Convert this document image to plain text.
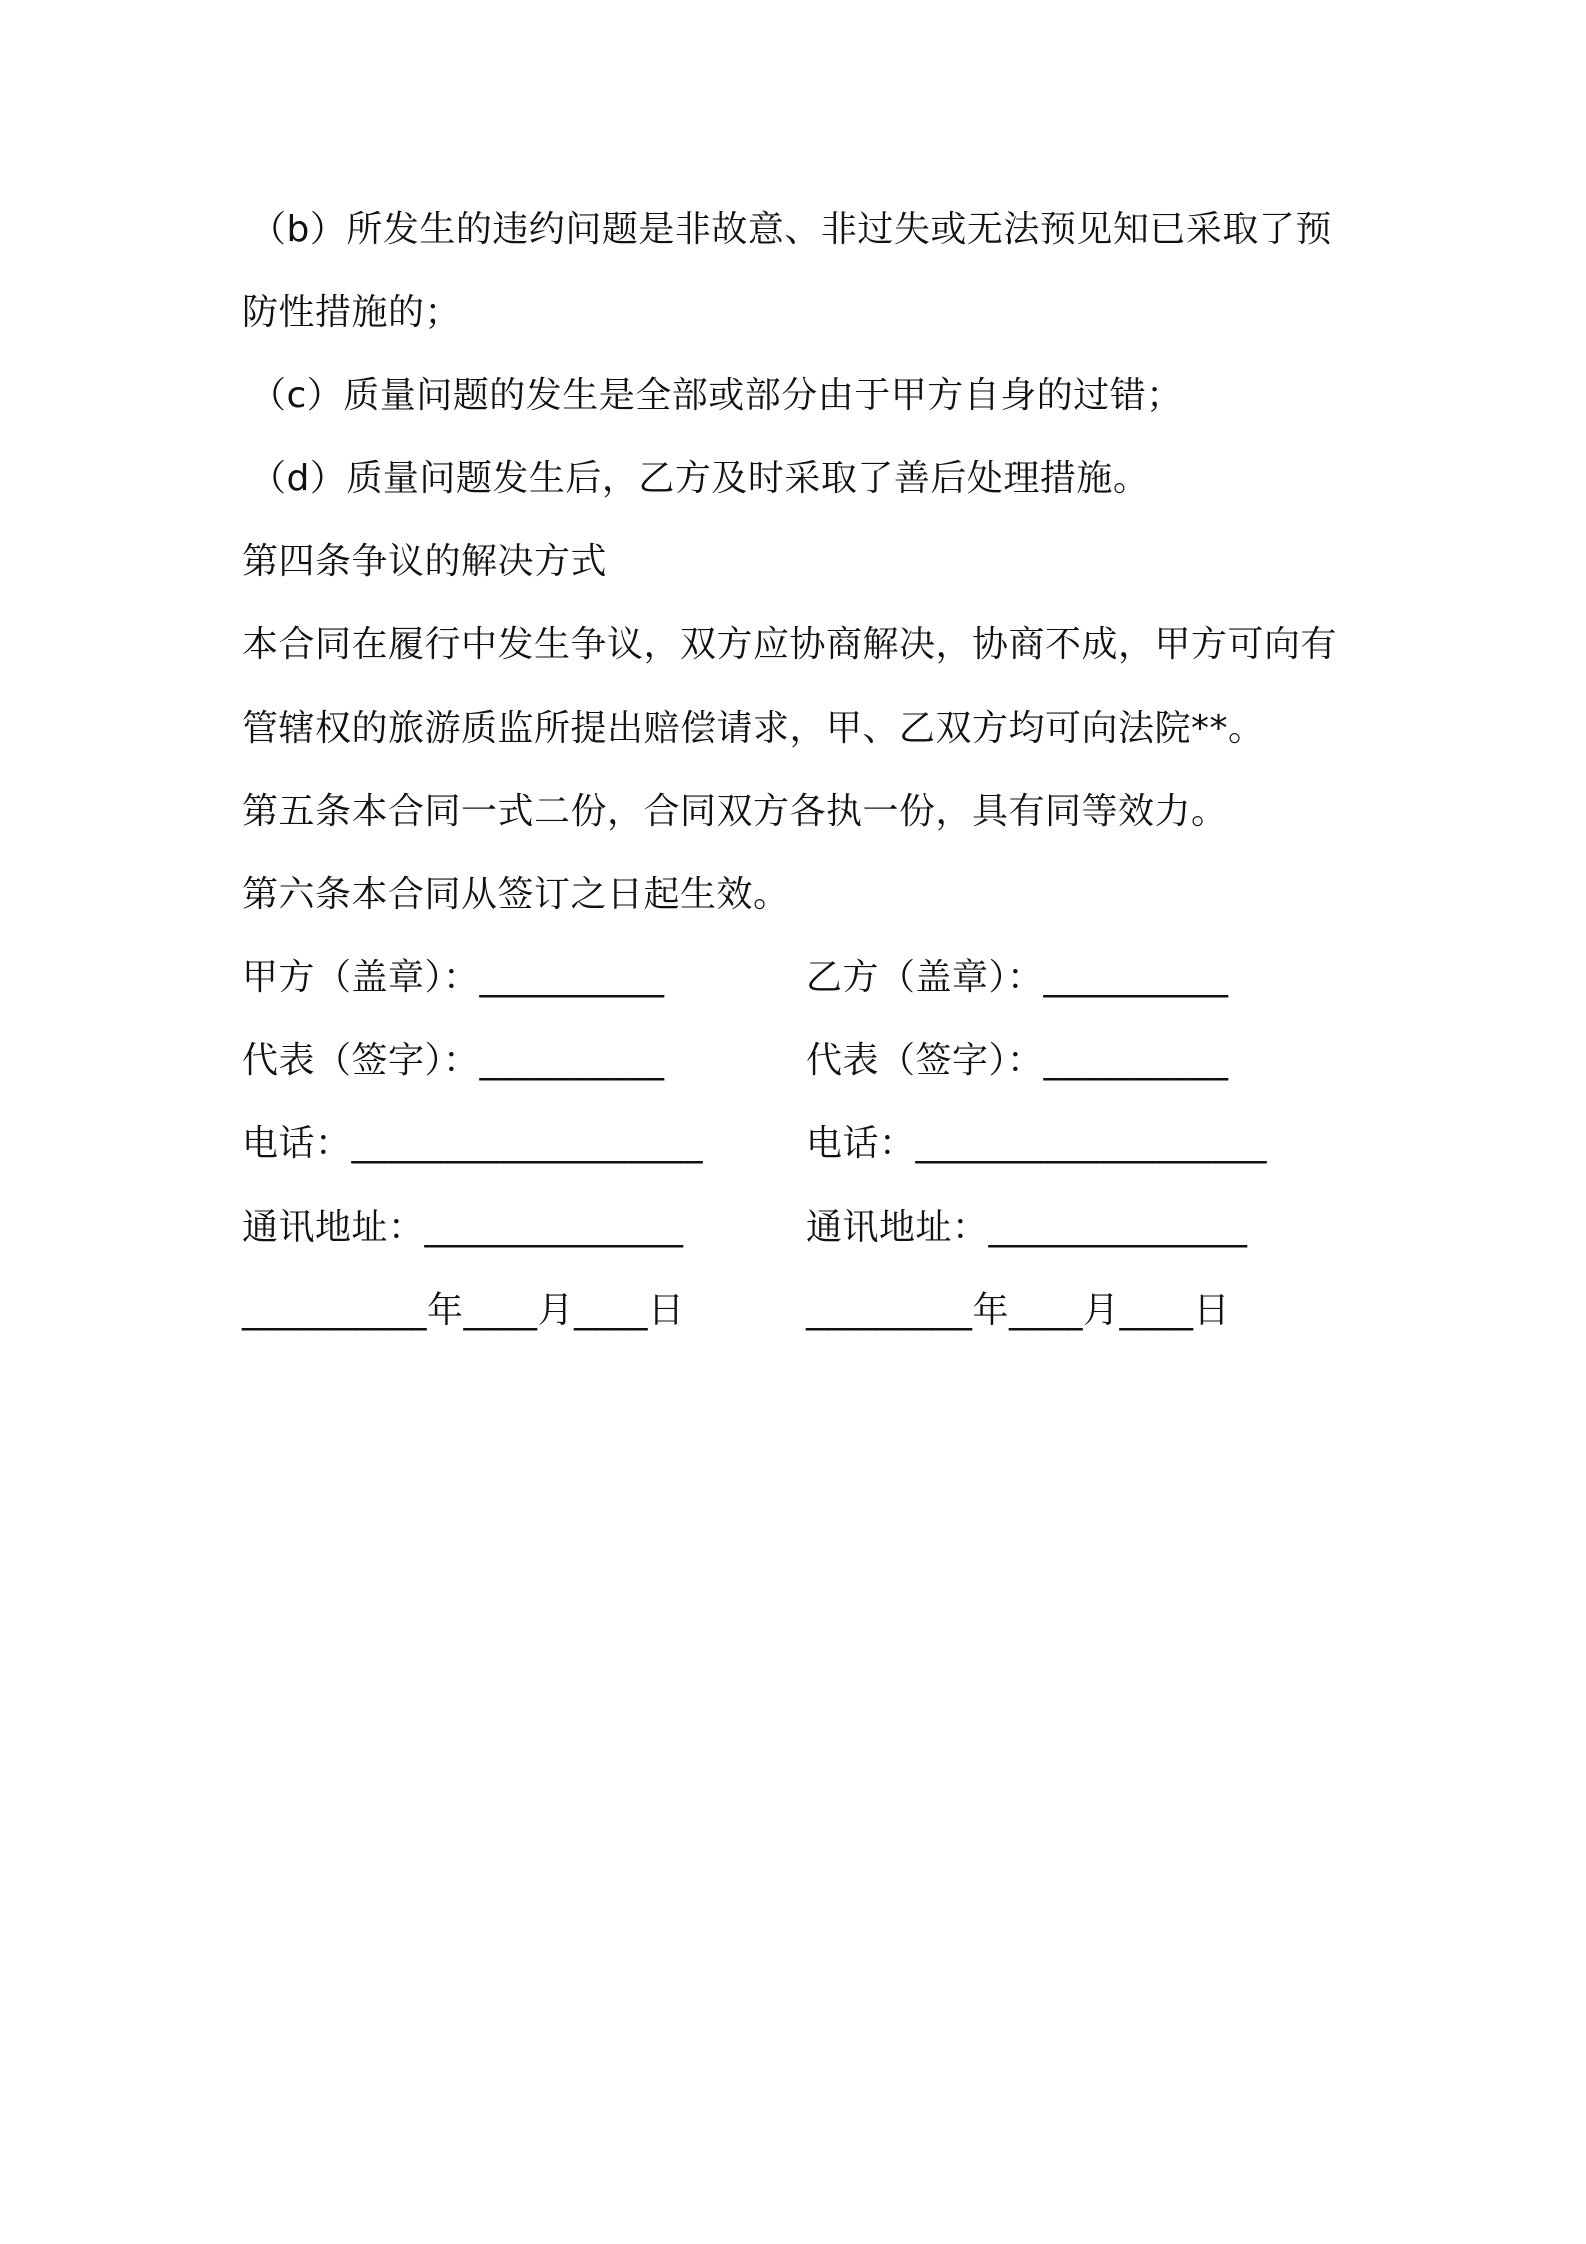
（b）所发生的违约问题是非故意、非过失或无法预见知已采取了预
防性措施的；
（c）质量问题的发生是全部或部分由于甲方自身的过错；
（d）质量问题发生后，乙方及时采取了善后处理措施。
第四条争议的解决方式
本合同在履行中发生争议，双方应协商解决，协商不成，甲方可向有
管辖权的旅游质监所提出赔偿请求，甲、乙双方均可向法院**。
第五条本合同一式二份，合同双方各执一份，具有同等效力。
第六条本合同从签订之日起生效。
甲方（盖章）：__________
代表（签字）：__________
电话：___________________
通讯地址：______________
__________年____月____日
乙方（盖章）：__________
代表（签字）：__________
电话：___________________
通讯地址：______________
_________年____月____日
